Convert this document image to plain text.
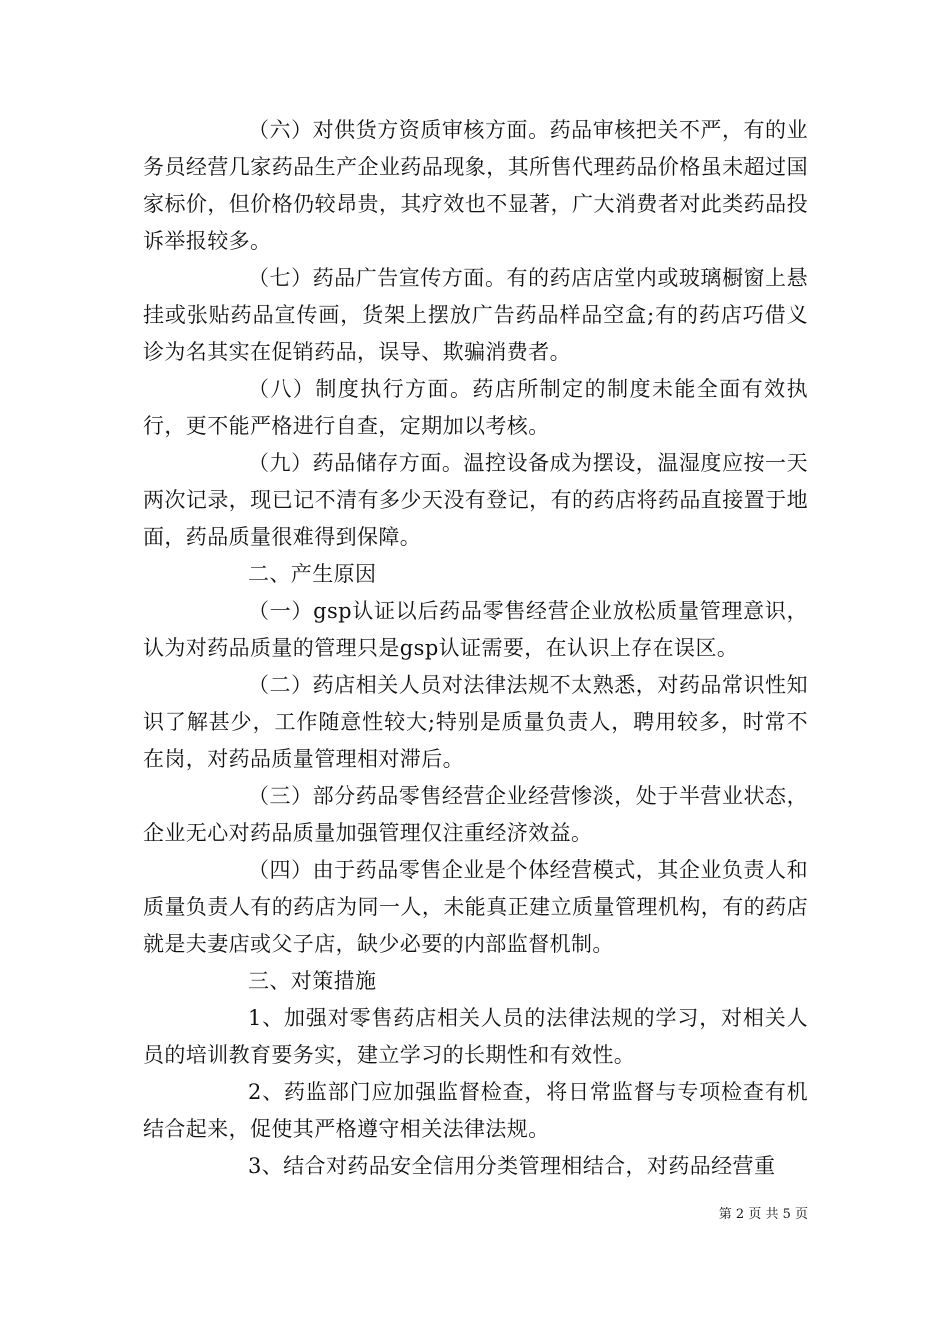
（六）对供货方资质审核方面。药品审核把关不严，有的业务员经营几家药品生产企业药品现象，其所售代理药品价格虽未超过国家标价，但价格仍较昂贵，其疗效也不显著，广大消费者对此类药品投诉举报较多。

（七）药品广告宣传方面。有的药店店堂内或玻璃橱窗上悬挂或张贴药品宣传画，货架上摆放广告药品样品空盒;有的药店巧借义诊为名其实在促销药品，误导、欺骗消费者。

（八）制度执行方面。药店所制定的制度未能全面有效执行，更不能严格进行自查，定期加以考核。

（九）药品储存方面。温控设备成为摆设，温湿度应按一天两次记录，现已记不清有多少天没有登记，有的药店将药品直接置于地面，药品质量很难得到保障。

二、产生原因

（一）gsp认证以后药品零售经营企业放松质量管理意识，认为对药品质量的管理只是gsp认证需要，在认识上存在误区。

（二）药店相关人员对法律法规不太熟悉，对药品常识性知识了解甚少，工作随意性较大;特别是质量负责人，聘用较多，时常不在岗，对药品质量管理相对滞后。

（三）部分药品零售经营企业经营惨淡，处于半营业状态，企业无心对药品质量加强管理仅注重经济效益。

（四）由于药品零售企业是个体经营模式，其企业负责人和质量负责人有的药店为同一人，未能真正建立质量管理机构，有的药店就是夫妻店或父子店，缺少必要的内部监督机制。

三、对策措施

1、加强对零售药店相关人员的法律法规的学习，对相关人员的培训教育要务实，建立学习的长期性和有效性。

2、药监部门应加强监督检查，将日常监督与专项检查有机结合起来，促使其严格遵守相关法律法规。

3、结合对药品安全信用分类管理相结合，对药品经营重

第 2 页 共 5 页
